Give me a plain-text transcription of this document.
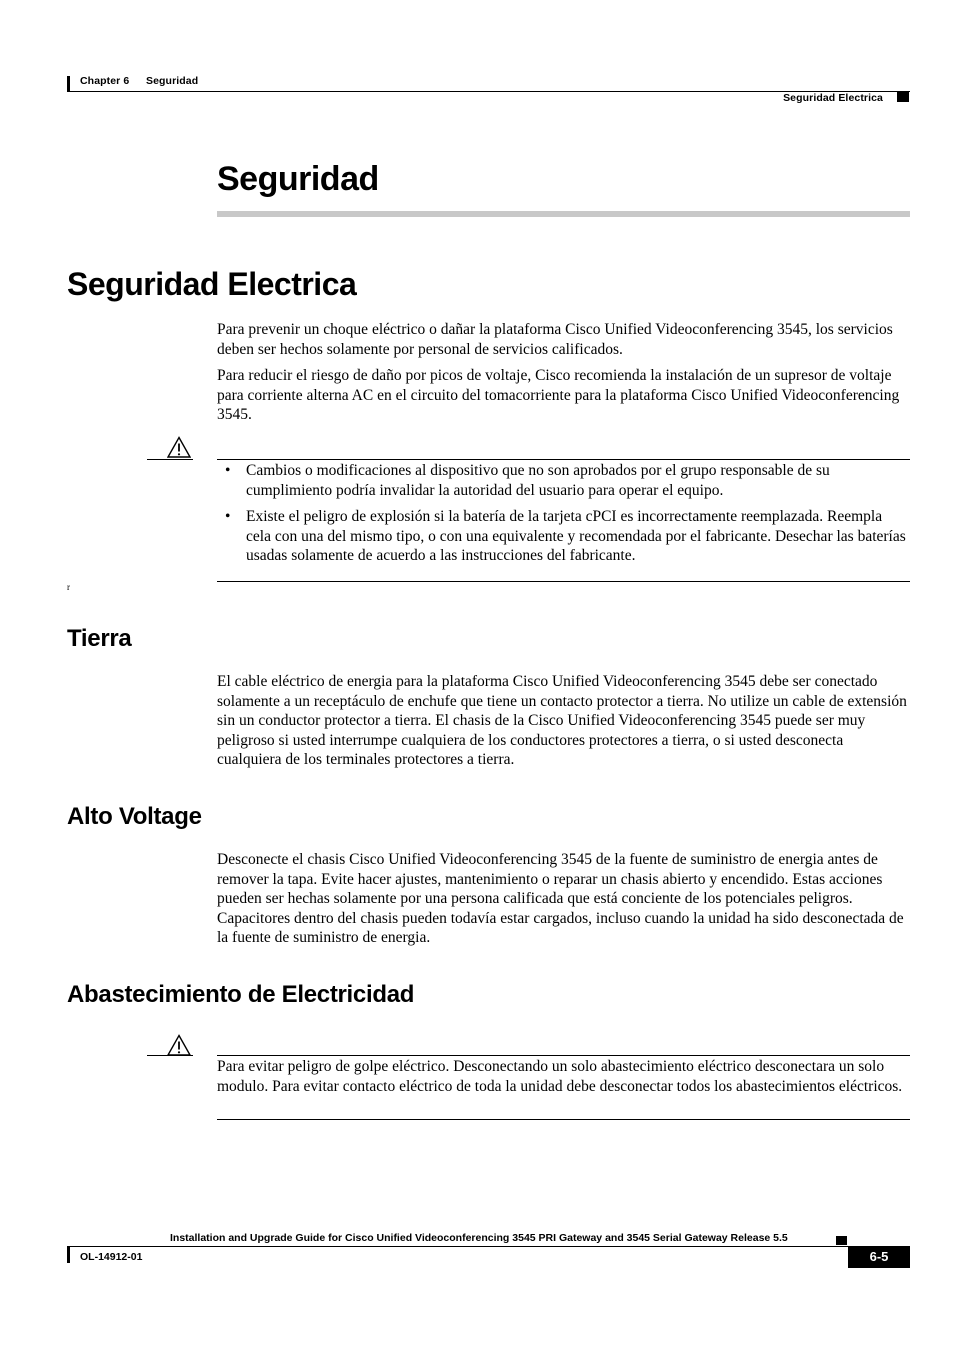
Chapter 6 Seguridad
Seguridad Electrica
Seguridad
Seguridad Electrica

Para prevenir un choque eléctrico o dañar la plataforma Cisco Unified Videoconferencing 3545, los servicios deben ser hechos solamente por personal de servicios calificados.

Para reducir el riesgo de daño por picos de voltaje, Cisco recomienda la instalación de un supresor de voltaje para corriente alterna AC en el circuito del tomacorriente para la plataforma Cisco Unified Videoconferencing 3545.

• Cambios o modificaciones al dispositivo que no son aprobados por el grupo responsable de su cumplimiento podría invalidar la autoridad del usuario para operar el equipo.
• Existe el peligro de explosión si la batería de la tarjeta cPCI es incorrectamente reemplazada. Reempla cela con una del mismo tipo, o con una equivalente y recomendada por el fabricante. Desechar las baterías usadas solamente de acuerdo a las instrucciones del fabricante.
r
Tierra

El cable eléctrico de energia para la plataforma Cisco Unified Videoconferencing 3545 debe ser conectado solamente a un receptáculo de enchufe que tiene un contacto protector a tierra. No utilize un cable de extensión sin un conductor protector a tierra. El chasis de la Cisco Unified Videoconferencing 3545 puede ser muy peligroso si usted interrumpe cualquiera de los conductores protectores a tierra, o si usted desconecta cualquiera de los terminales protectores a tierra.

Alto Voltage

Desconecte el chasis Cisco Unified Videoconferencing 3545 de la fuente de suministro de energia antes de remover la tapa. Evite hacer ajustes, mantenimiento o reparar un chasis abierto y encendido. Estas acciones pueden ser hechas solamente por una persona calificada que está conciente de los potenciales peligros. Capacitores dentro del chasis pueden todavía estar cargados, incluso cuando la unidad ha sido desconectada de la fuente de suministro de energia.

Abastecimiento de Electricidad

Para evitar peligro de golpe eléctrico. Desconectando un solo abastecimiento eléctrico desconectara un solo modulo. Para evitar contacto eléctrico de toda la unidad debe desconectar todos los abastecimientos eléctricos.

Installation and Upgrade Guide for Cisco Unified Videoconferencing 3545 PRI Gateway and 3545 Serial Gateway Release 5.5
OL-14912-01	6-5
